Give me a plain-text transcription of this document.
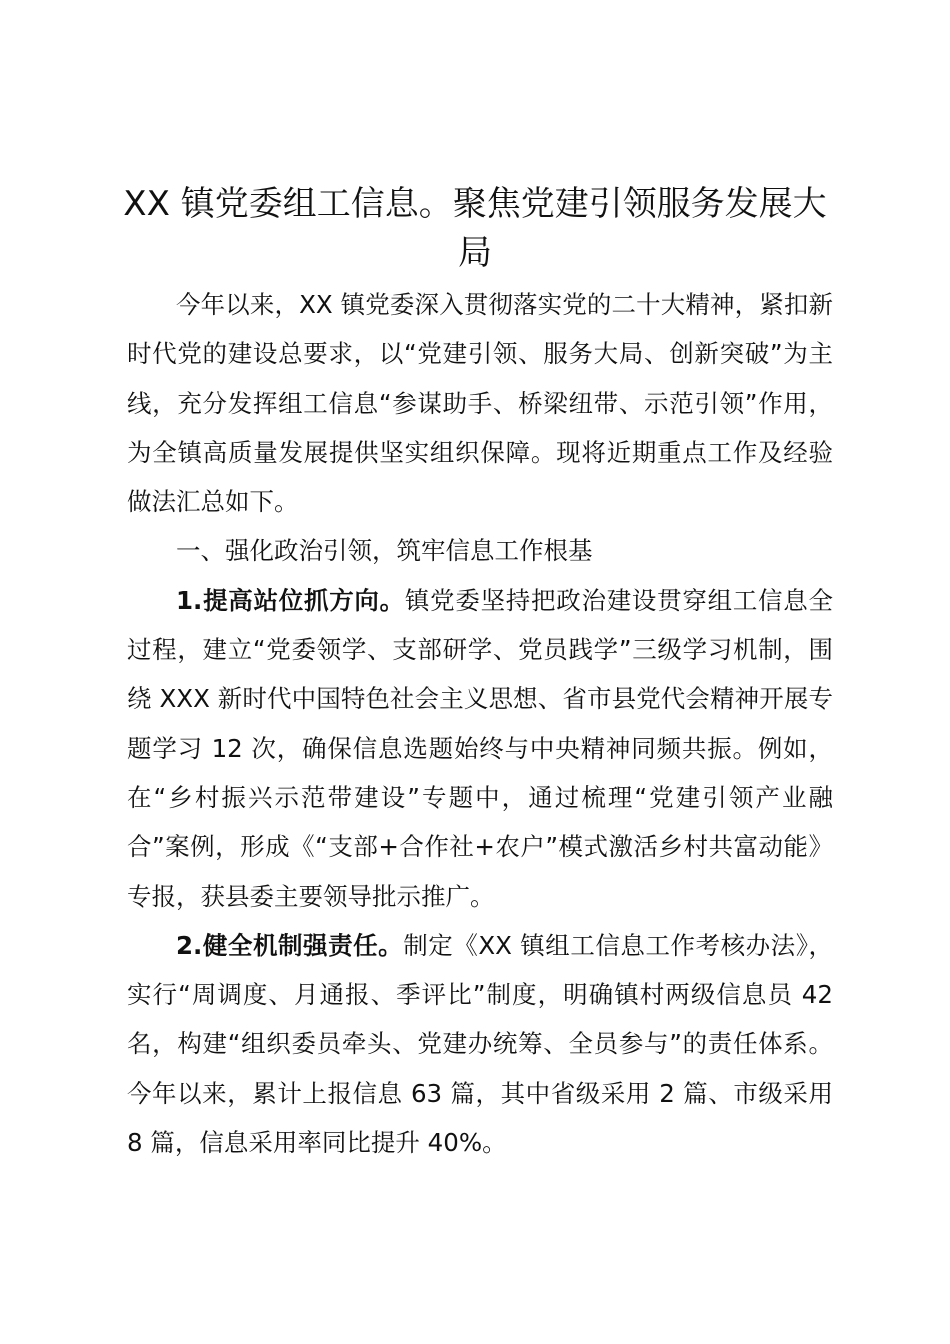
XX 镇党委组工信息。聚焦党建引领服务发展大局

今年以来，XX 镇党委深入贯彻落实党的二十大精神，紧扣新时代党的建设总要求，以“党建引领、服务大局、创新突破”为主线，充分发挥组工信息“参谋助手、桥梁纽带、示范引领”作用，为全镇高质量发展提供坚实组织保障。现将近期重点工作及经验做法汇总如下。

一、强化政治引领，筑牢信息工作根基

1.提高站位抓方向。镇党委坚持把政治建设贯穿组工信息全过程，建立“党委领学、支部研学、党员践学”三级学习机制，围绕 XXX 新时代中国特色社会主义思想、省市县党代会精神开展专题学习 12 次，确保信息选题始终与中央精神同频共振。例如，在“乡村振兴示范带建设”专题中，通过梳理“党建引领产业融合”案例，形成《“支部+合作社+农户”模式激活乡村共富动能》专报，获县委主要领导批示推广。

2.健全机制强责任。制定《XX 镇组工信息工作考核办法》，实行“周调度、月通报、季评比”制度，明确镇村两级信息员 42 名，构建“组织委员牵头、党建办统筹、全员参与”的责任体系。今年以来，累计上报信息 63 篇，其中省级采用 2 篇、市级采用 8 篇，信息采用率同比提升 40%。
